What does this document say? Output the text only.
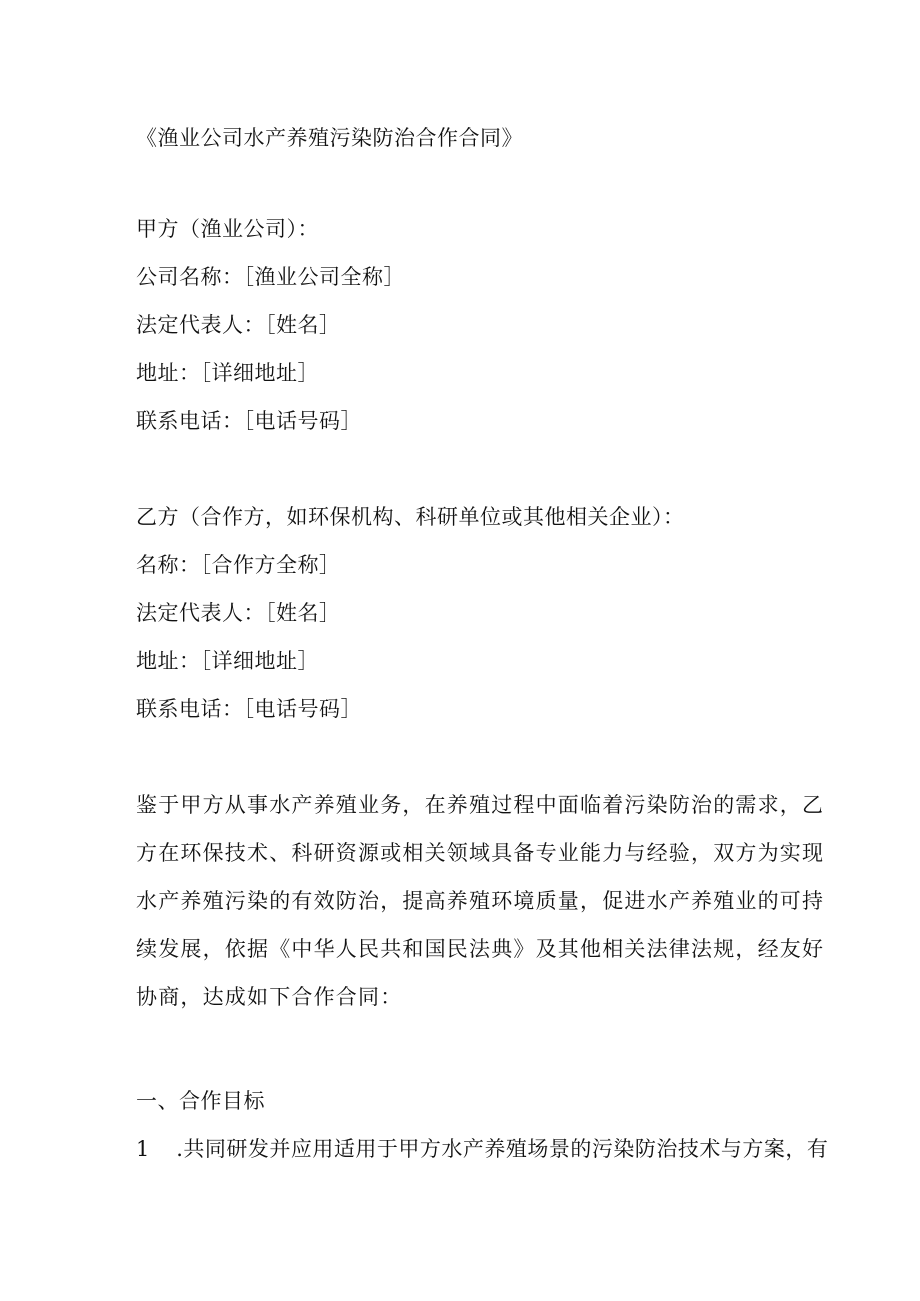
《渔业公司水产养殖污染防治合作合同》
甲方（渔业公司）：
公司名称：［渔业公司全称］
法定代表人：［姓名］
地址：［详细地址］
联系电话：［电话号码］
乙方（合作方，如环保机构、科研单位或其他相关企业）：
名称：［合作方全称］
法定代表人：［姓名］
地址：［详细地址］
联系电话：［电话号码］
鉴于甲方从事水产养殖业务，在养殖过程中面临着污染防治的需求，乙
方在环保技术、科研资源或相关领域具备专业能力与经验，双方为实现
水产养殖污染的有效防治，提高养殖环境质量，促进水产养殖业的可持
续发展，依据《中华人民共和国民法典》及其他相关法律法规，经友好
协商，达成如下合作合同：
一、合作目标
1 .共同研发并应用适用于甲方水产养殖场景的污染防治技术与方案，有
